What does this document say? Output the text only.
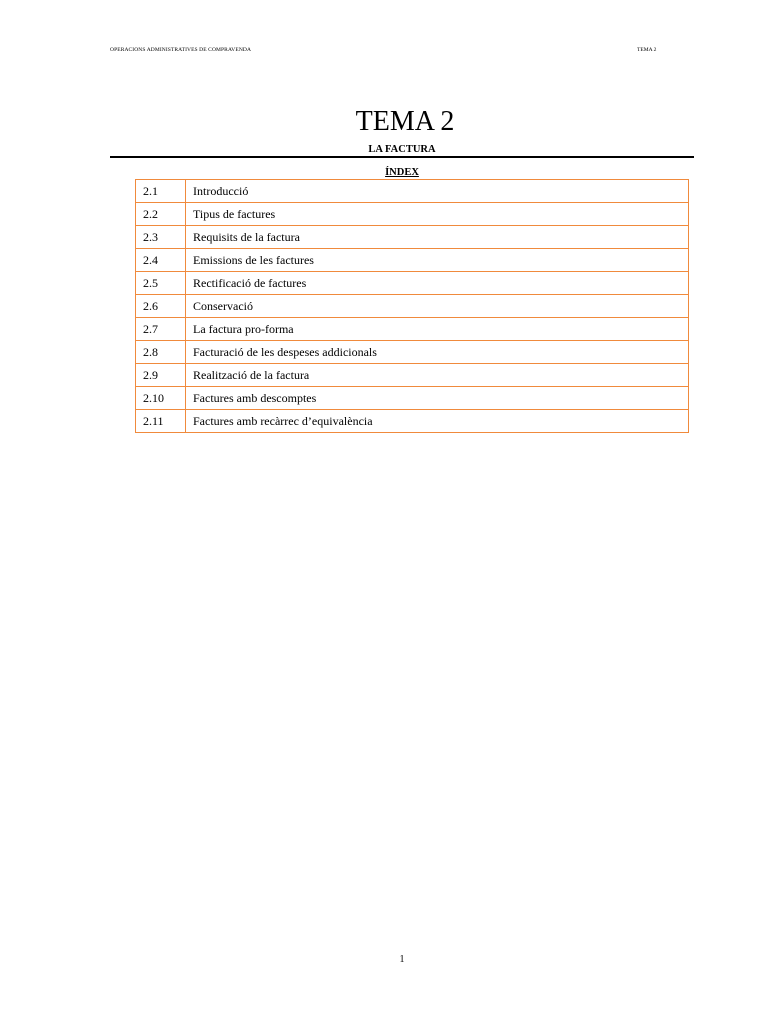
OPERACIONS ADMINISTRATIVES DE COMPRAVENDA	TEMA 2
TEMA 2
LA FACTURA
ÍNDEX
2.1	Introducció
2.2	Tipus de factures
2.3	Requisits de la factura
2.4	Emissions de les factures
2.5	Rectificació de factures
2.6	Conservació
2.7	La factura pro-forma
2.8	Facturació de les despeses addicionals
2.9	Realització de la factura
2.10	Factures amb descomptes
2.11	Factures amb recàrrec d’equivalència
1
